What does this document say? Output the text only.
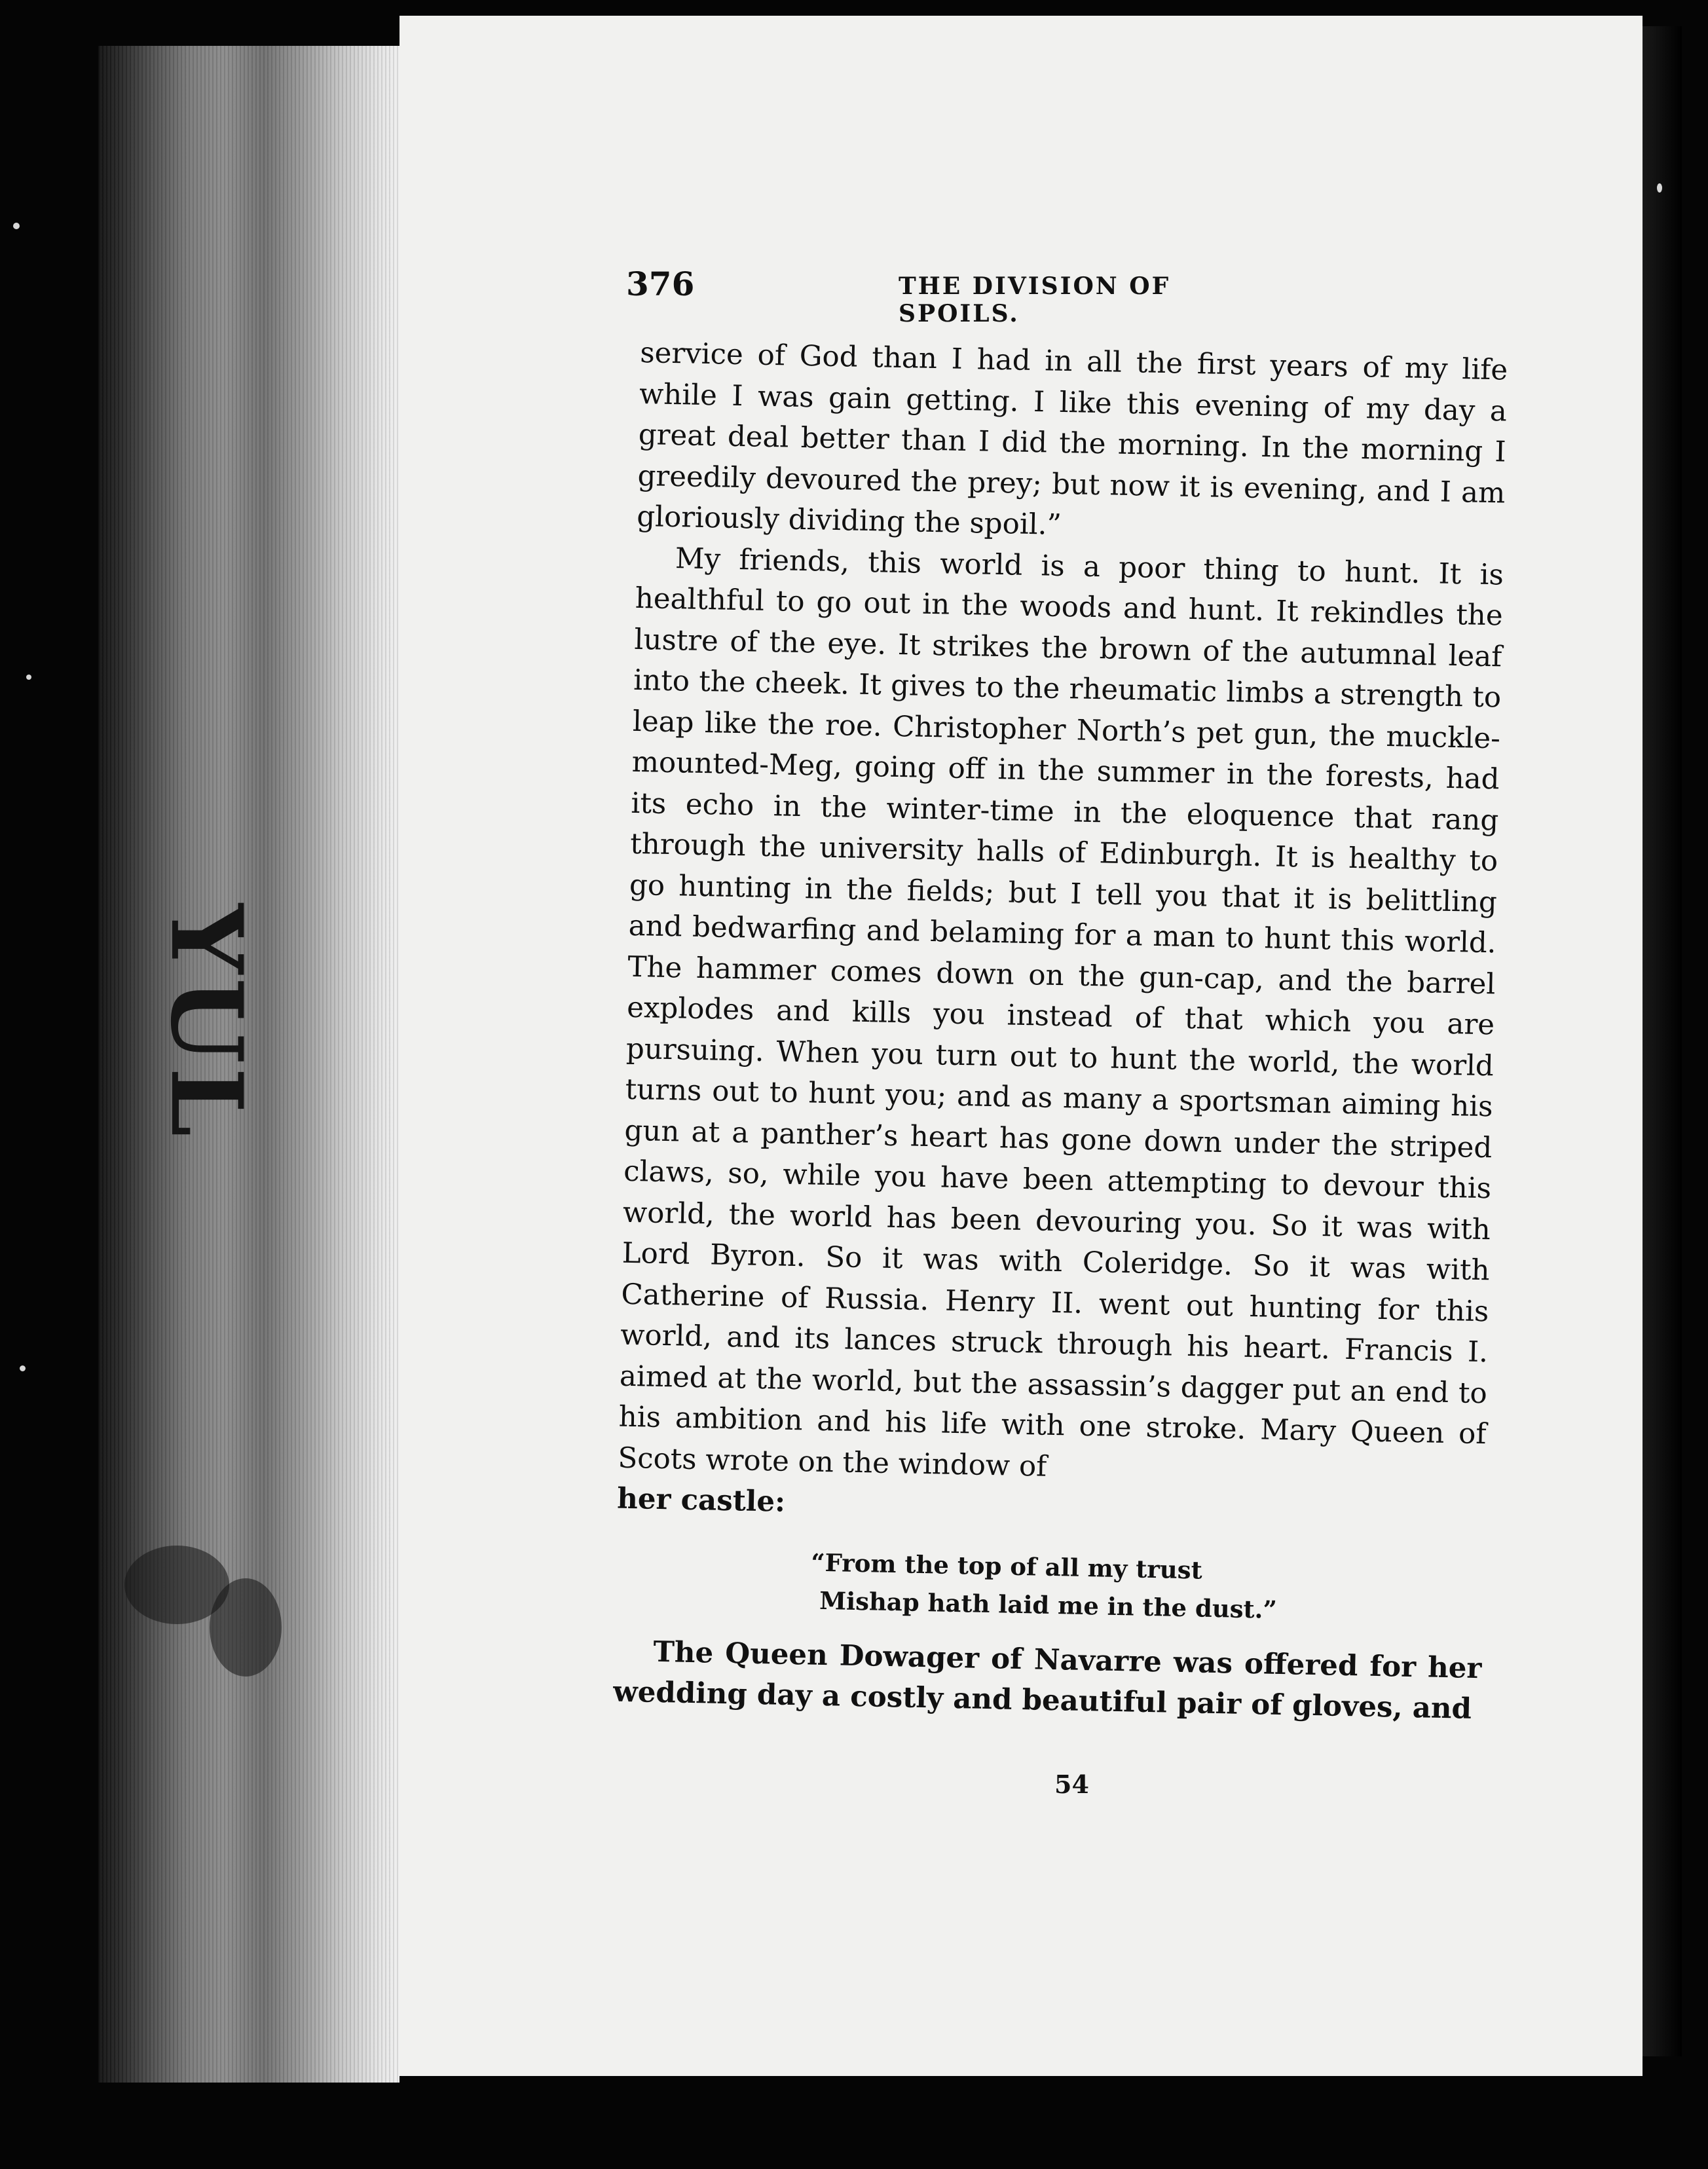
376	THE DIVISION OF SPOILS.

service of God than I had in all the first years of my life while I was gain getting. I like this evening of my day a great deal better than I did the morning. In the morning I greedily devoured the prey; but now it is evening, and I am gloriously dividing the spoil.”

My friends, this world is a poor thing to hunt. It is healthful to go out in the woods and hunt. It rekindles the lustre of the eye. It strikes the brown of the autumnal leaf into the cheek. It gives to the rheumatic limbs a strength to leap like the roe. Christopher North’s pet gun, the muckle-mounted-Meg, going off in the summer in the forests, had its echo in the winter-time in the eloquence that rang through the university halls of Edinburgh. It is healthy to go hunting in the fields; but I tell you that it is belittling and bedwarfing and belaming for a man to hunt this world. The hammer comes down on the gun-cap, and the barrel explodes and kills you instead of that which you are pursuing. When you turn out to hunt the world, the world turns out to hunt you; and as many a sportsman aiming his gun at a panther’s heart has gone down under the striped claws, so, while you have been attempting to devour this world, the world has been devouring you. So it was with Lord Byron. So it was with Coleridge. So it was with Catherine of Russia. Henry II. went out hunting for this world, and its lances struck through his heart. Francis I. aimed at the world, but the assassin’s dagger put an end to his ambition and his life with one stroke. Mary Queen of Scots wrote on the window of

her castle:

“From the top of all my trust
Mishap hath laid me in the dust.”

The Queen Dowager of Navarre was offered for her wedding day a costly and beautiful pair of gloves, and

54
